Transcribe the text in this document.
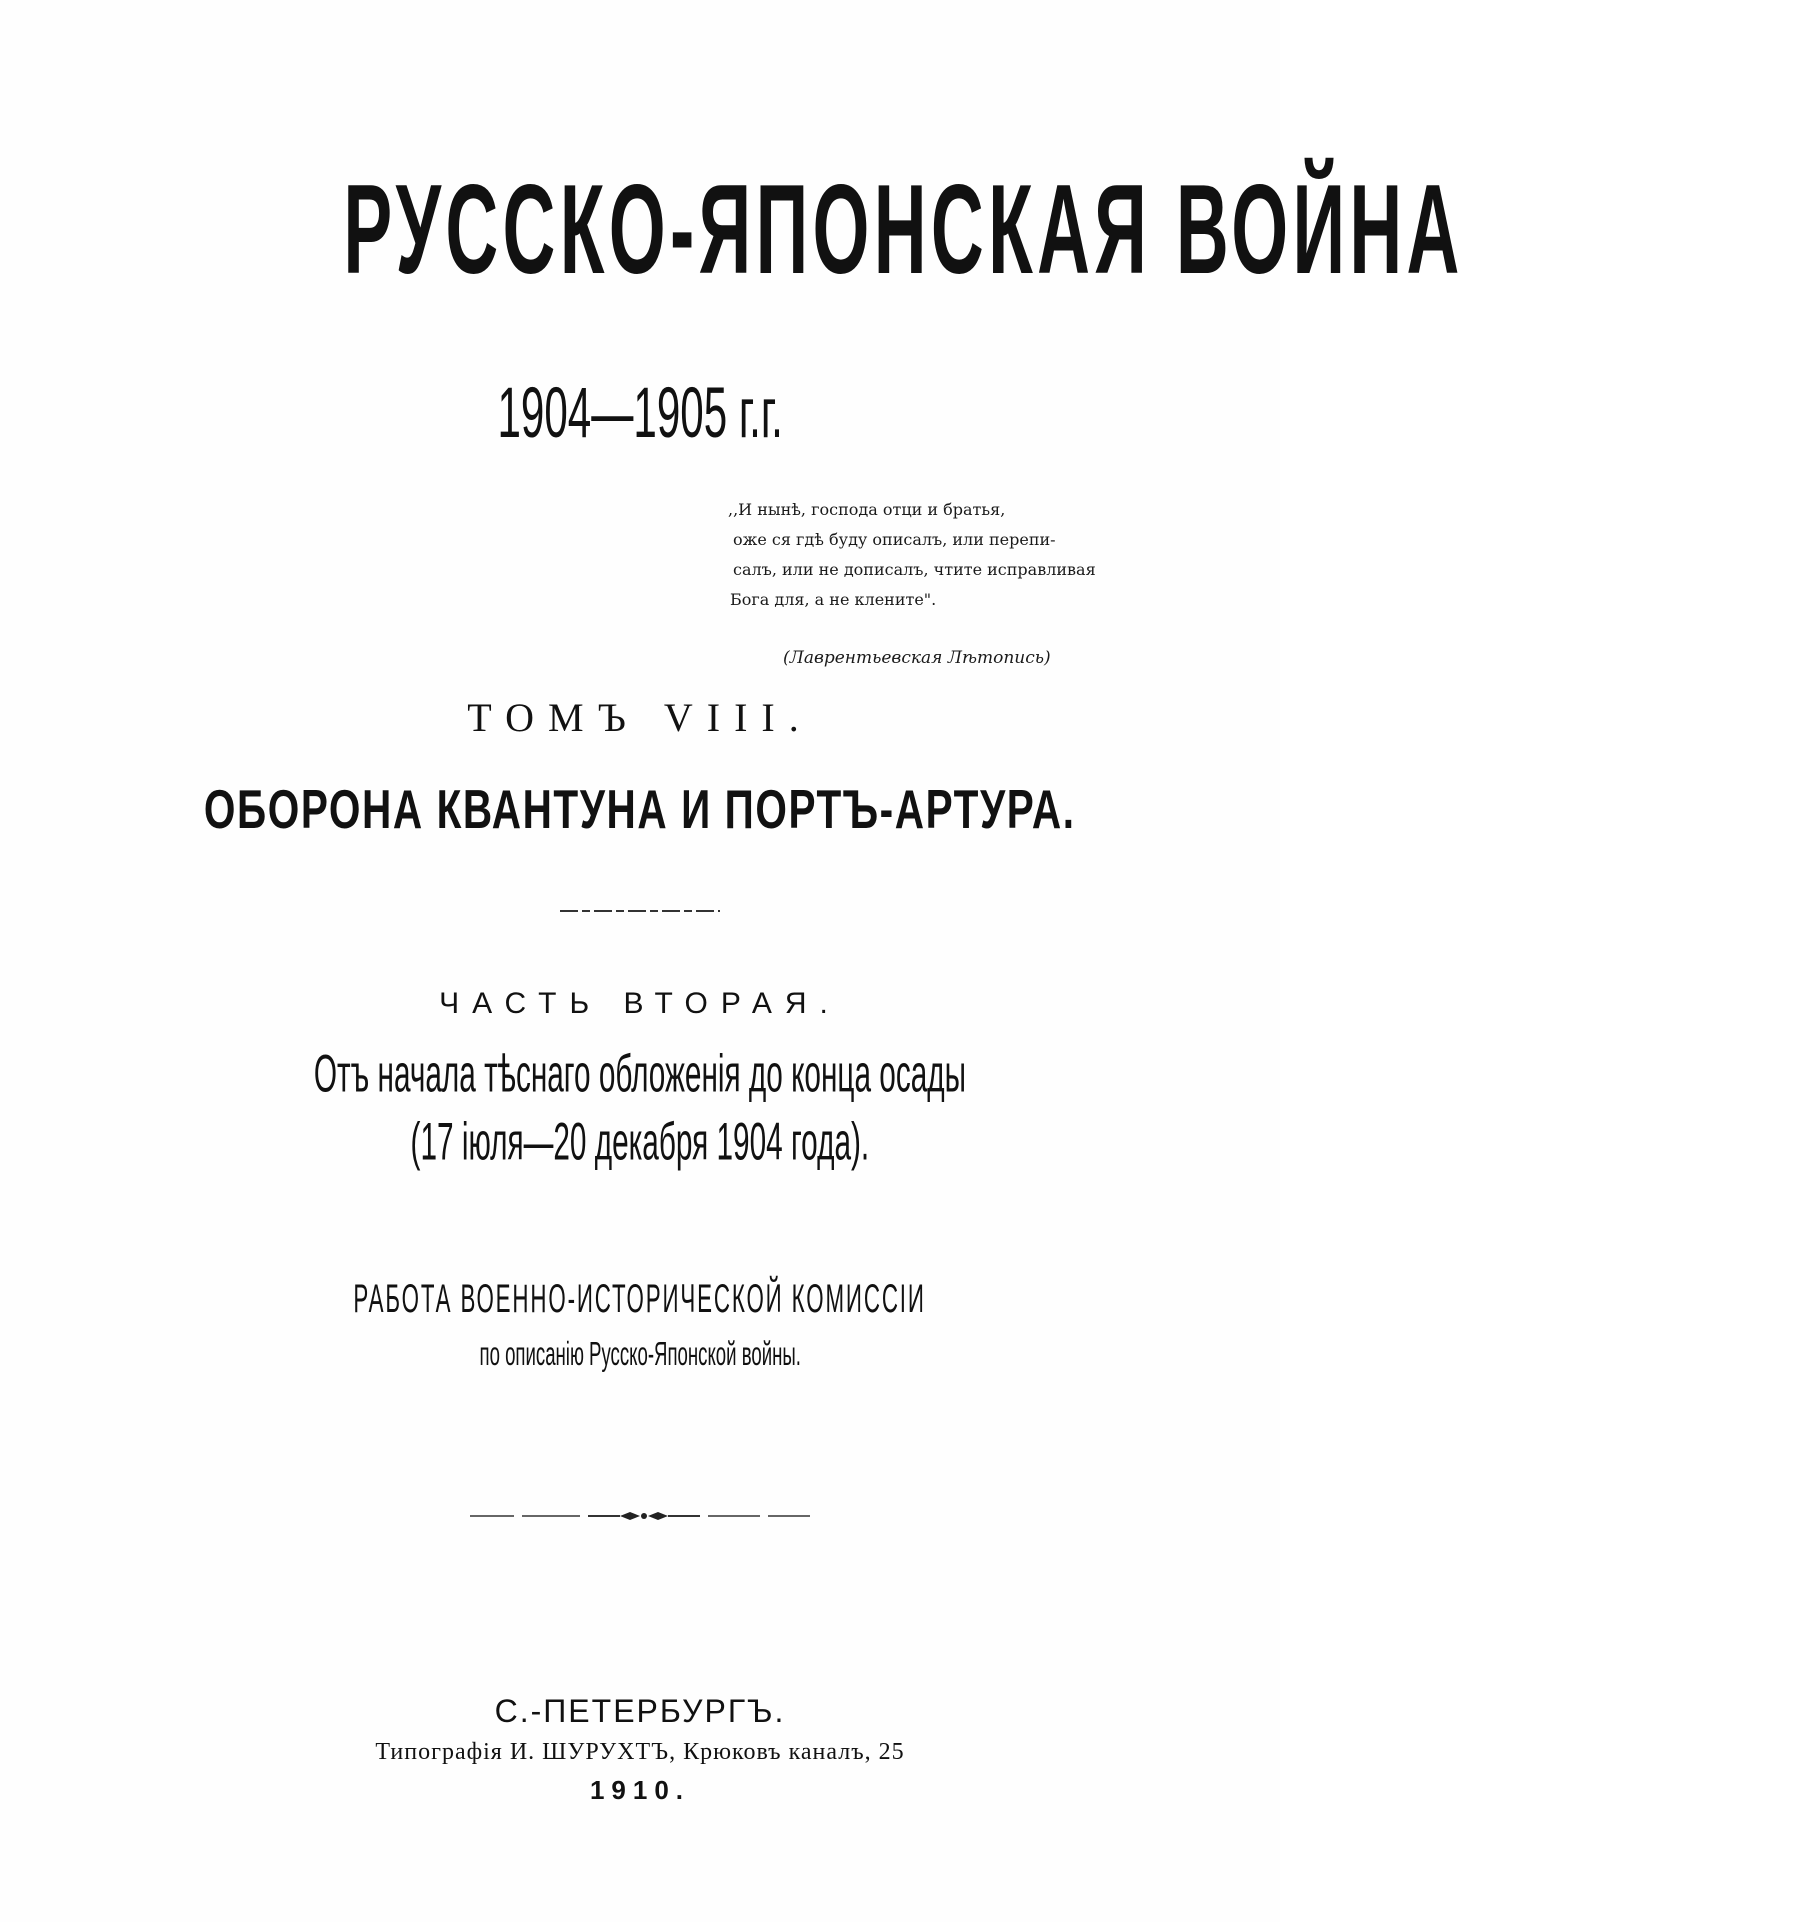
РУССКО-ЯПОНСКАЯ ВОЙНА
1904—1905 г.г.
,,И нынѣ, господа отци и братья,
оже ся гдѣ буду описалъ, или перепи-
салъ, или не дописалъ, чтите исправливая
Бога для, а не клените".
(Лаврентьевская Лѣтопись)
ТОМЪ VIII.
ОБОРОНА КВАНТУНА И ПОРТЪ-АРТУРА.
ЧАСТЬ ВТОРАЯ.
Отъ начала тѣснаго обложенія до конца осады
(17 іюля—20 декабря 1904 года).
РАБОТА ВОЕННО-ИСТОРИЧЕСКОЙ КОМИССІИ
по описанію Русско-Японской войны.
С.-ПЕТЕРБУРГЪ.
Типографія И. ШУРУХТЪ, Крюковъ каналъ, 25
1910.
